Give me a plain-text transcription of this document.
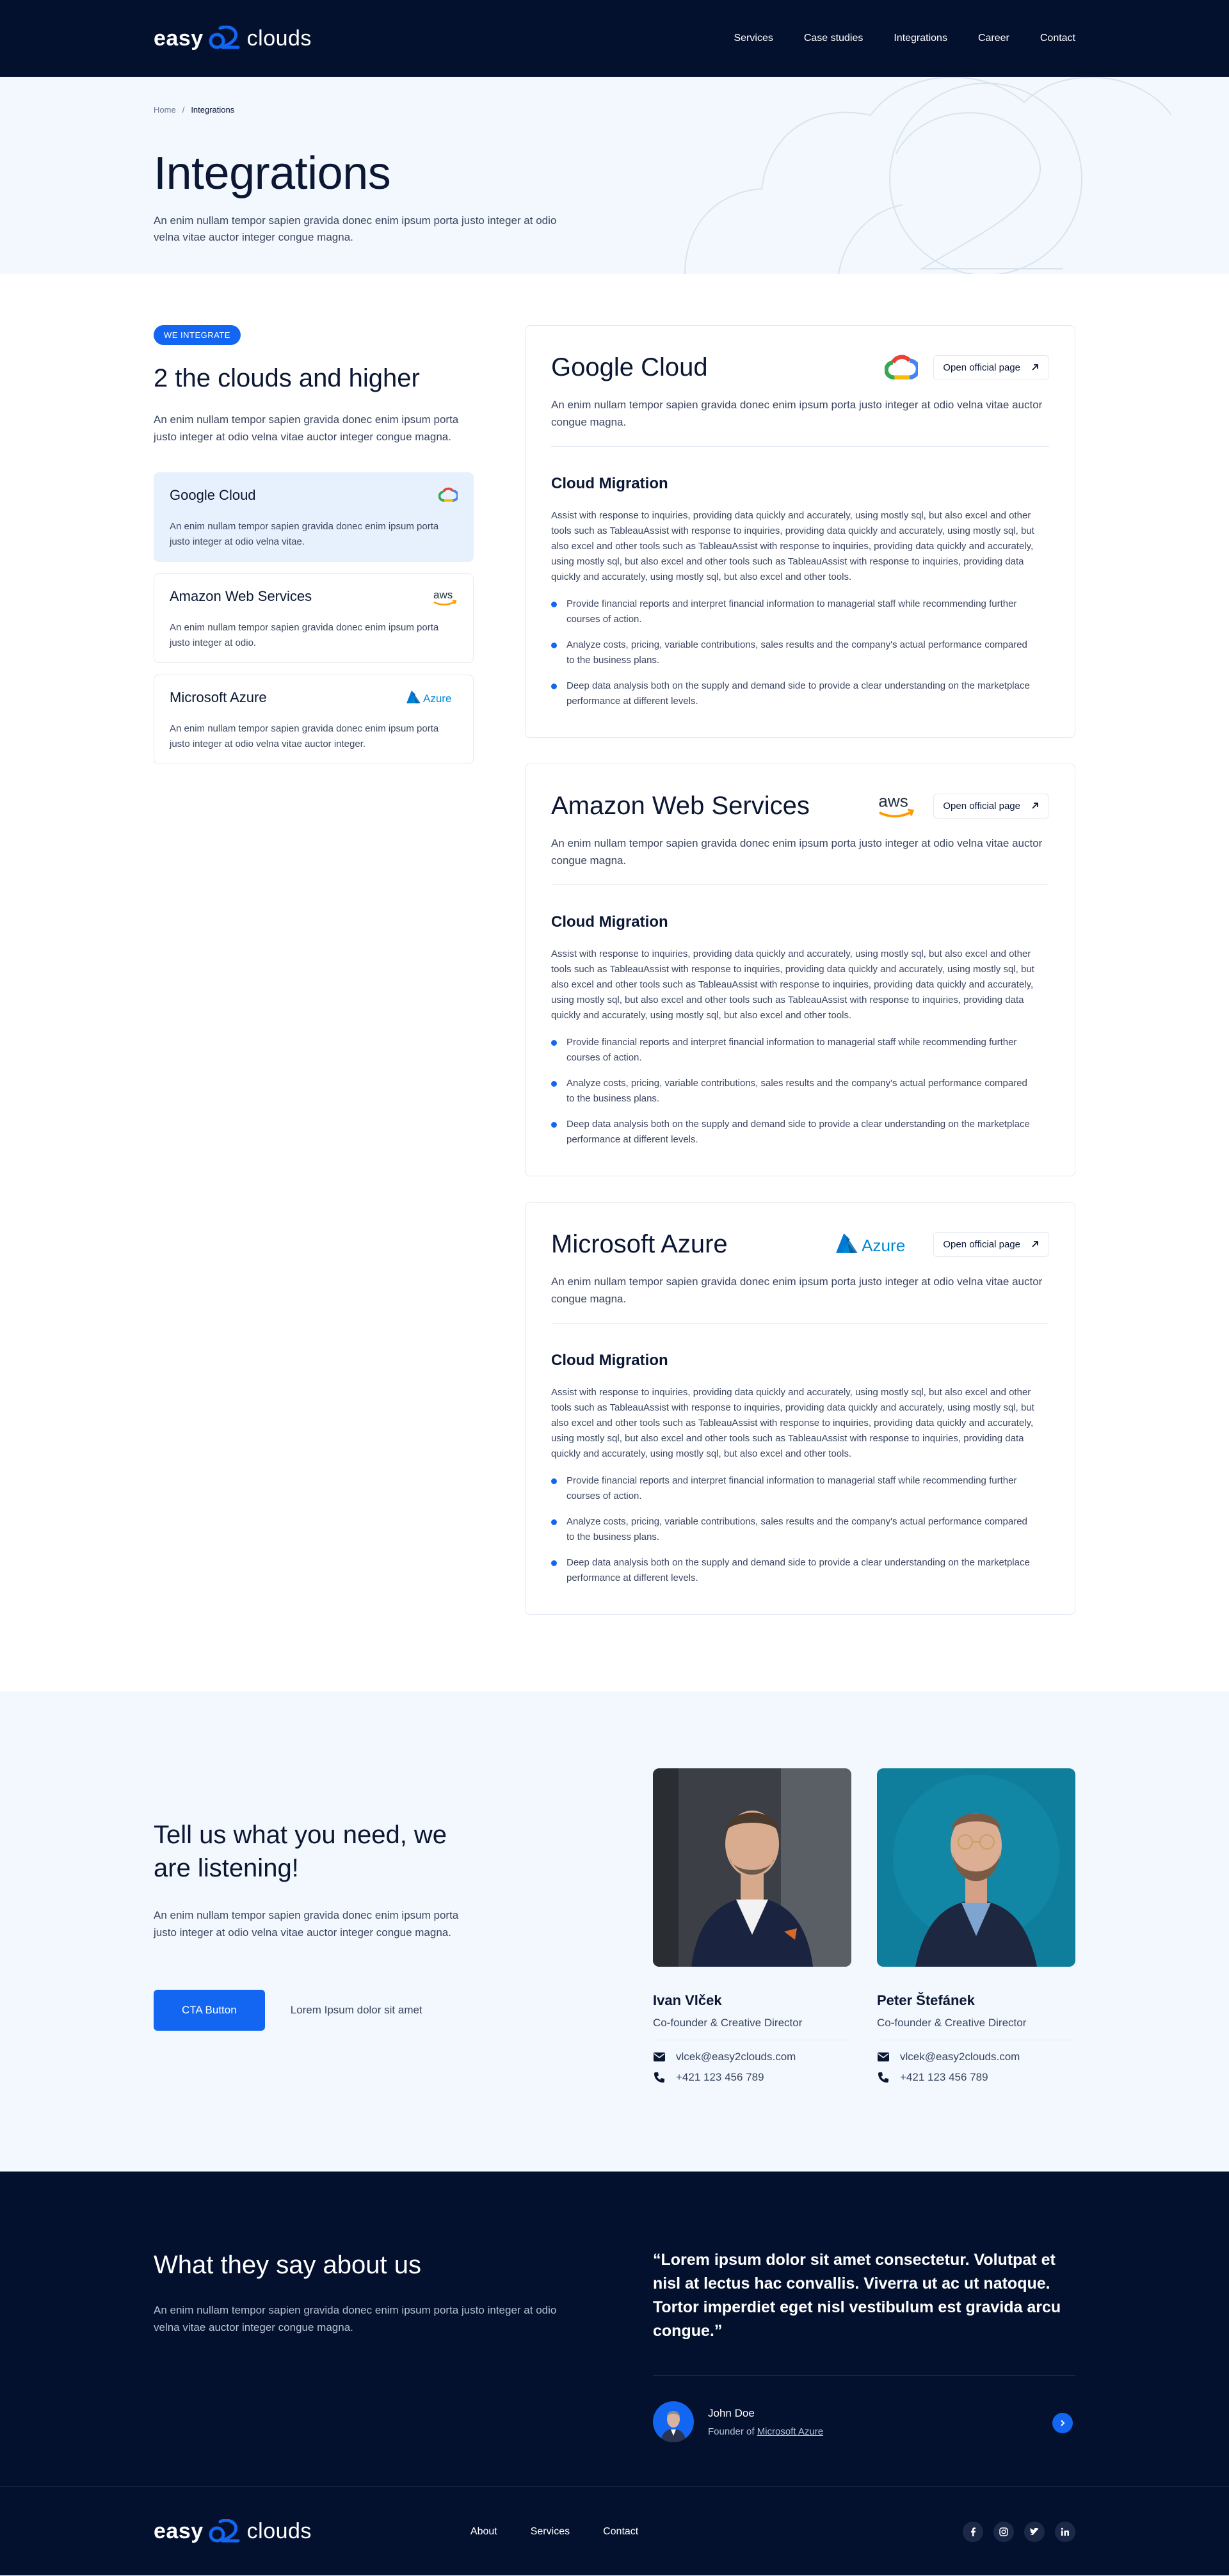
easy clouds	Services	Case studies	Integrations	Career	Contact
Home / Integrations
Integrations

An enim nullam tempor sapien gravida donec enim ipsum porta justo integer at odio velna vitae auctor integer congue magna.

WE INTEGRATE
2 the clouds and higher

An enim nullam tempor sapien gravida donec enim ipsum porta justo integer at odio velna vitae auctor integer congue magna.

Google Cloud
An enim nullam tempor sapien gravida donec enim ipsum porta justo integer at odio velna vitae.
Amazon Web Services
An enim nullam tempor sapien gravida donec enim ipsum porta justo integer at odio.
aws
Microsoft Azure
An enim nullam tempor sapien gravida donec enim ipsum porta justo integer at odio velna vitae auctor integer.
Azure
Google Cloud	Open official page

An enim nullam tempor sapien gravida donec enim ipsum porta justo integer at odio velna vitae auctor congue magna.

Cloud Migration

Assist with response to inquiries, providing data quickly and accurately, using mostly sql, but also excel and other tools such as TableauAssist with response to inquiries, providing data quickly and accurately, using mostly sql, but also excel and other tools such as TableauAssist with response to inquiries, providing data quickly and accurately, using mostly sql, but also excel and other tools such as TableauAssist with response to inquiries, providing data quickly and accurately, using mostly sql, but also excel and other tools.

Provide financial reports and interpret financial information to managerial staff while recommending further courses of action.
Analyze costs, pricing, variable contributions, sales results and the company's actual performance compared to the business plans.
Deep data analysis both on the supply and demand side to provide a clear understanding on the marketplace performance at different levels.
Amazon Web Services	aws	Open official page

An enim nullam tempor sapien gravida donec enim ipsum porta justo integer at odio velna vitae auctor congue magna.

Cloud Migration

Assist with response to inquiries, providing data quickly and accurately, using mostly sql, but also excel and other tools such as TableauAssist with response to inquiries, providing data quickly and accurately, using mostly sql, but also excel and other tools such as TableauAssist with response to inquiries, providing data quickly and accurately, using mostly sql, but also excel and other tools such as TableauAssist with response to inquiries, providing data quickly and accurately, using mostly sql, but also excel and other tools.

Provide financial reports and interpret financial information to managerial staff while recommending further courses of action.
Analyze costs, pricing, variable contributions, sales results and the company's actual performance compared to the business plans.
Deep data analysis both on the supply and demand side to provide a clear understanding on the marketplace performance at different levels.
Microsoft Azure	Azure	Open official page

An enim nullam tempor sapien gravida donec enim ipsum porta justo integer at odio velna vitae auctor congue magna.

Cloud Migration

Assist with response to inquiries, providing data quickly and accurately, using mostly sql, but also excel and other tools such as TableauAssist with response to inquiries, providing data quickly and accurately, using mostly sql, but also excel and other tools such as TableauAssist with response to inquiries, providing data quickly and accurately, using mostly sql, but also excel and other tools such as TableauAssist with response to inquiries, providing data quickly and accurately, using mostly sql, but also excel and other tools.

Provide financial reports and interpret financial information to managerial staff while recommending further courses of action.
Analyze costs, pricing, variable contributions, sales results and the company's actual performance compared to the business plans.
Deep data analysis both on the supply and demand side to provide a clear understanding on the marketplace performance at different levels.
Tell us what you need, we are listening!

An enim nullam tempor sapien gravida donec enim ipsum porta justo integer at odio velna vitae auctor integer congue magna.

CTA Button	Lorem Ipsum dolor sit amet
Ivan Vlček
Co-founder & Creative Director
vlcek@easy2clouds.com
+421 123 456 789
Peter Štefánek
Co-founder & Creative Director
vlcek@easy2clouds.com
+421 123 456 789
What they say about us

An enim nullam tempor sapien gravida donec enim ipsum porta justo integer at odio velna vitae auctor integer congue magna.

“Lorem ipsum dolor sit amet consectetur. Volutpat et nisl at lectus hac convallis. Viverra ut ac ut natoque. Tortor imperdiet eget nisl vestibulum est gravida arcu congue.”

John Doe
Founder of Microsoft Azure
easy clouds	About	Services	Contact
